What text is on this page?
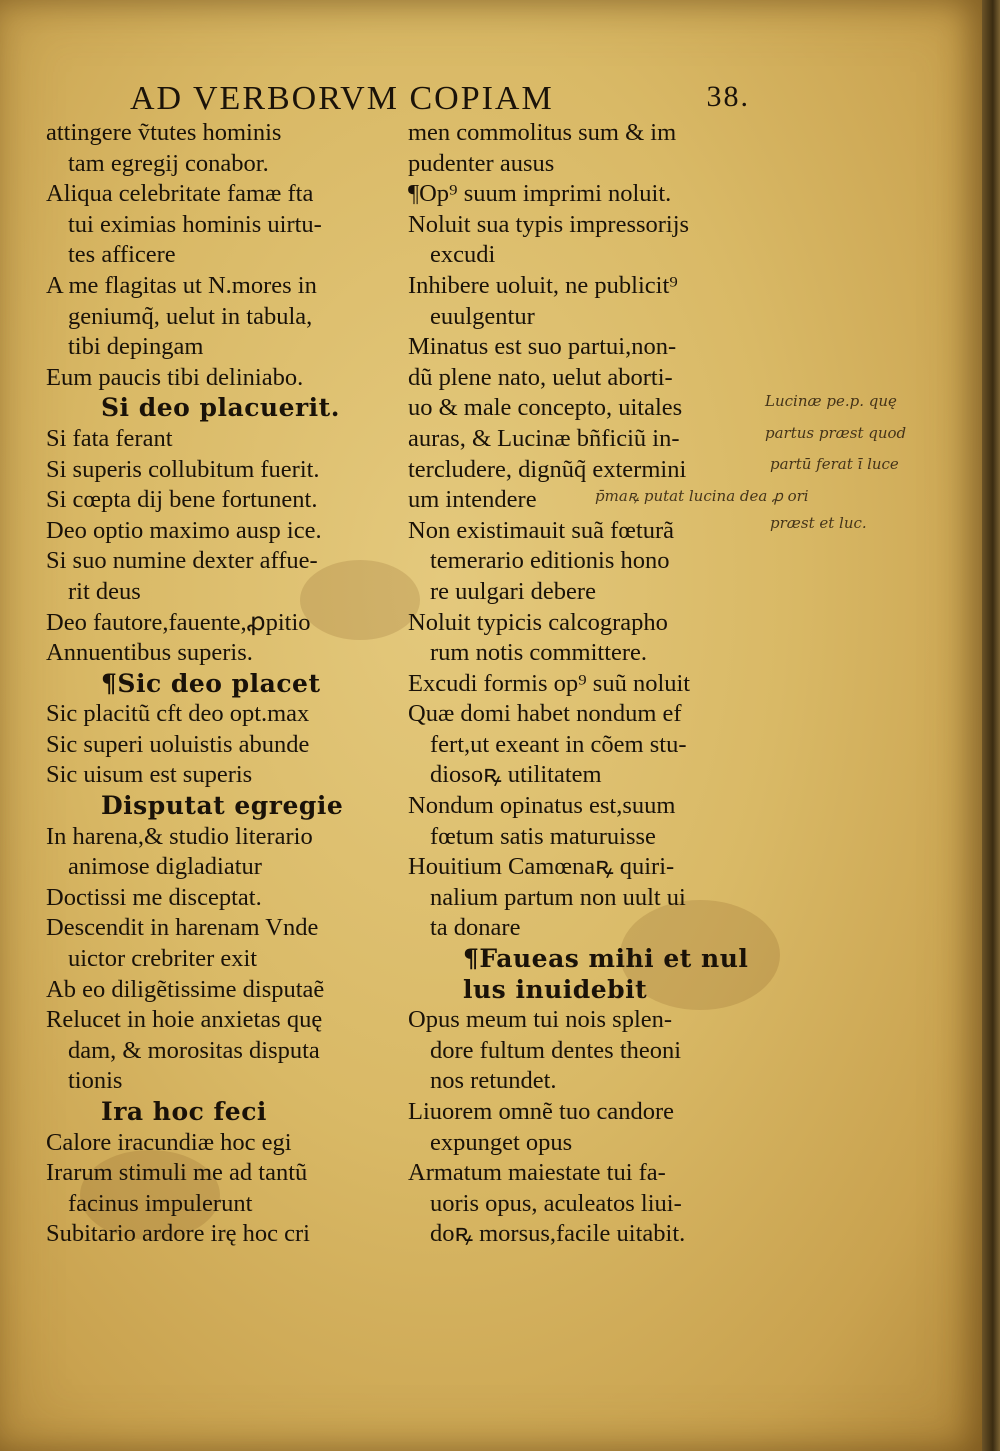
AD VERBORVM COPIAM	38.
attingere ṽtutes hominis
tam egregij conabor.
Aliqua celebritate famæ fta
tui eximias hominis uirtu-
tes afficere
A me flagitas ut N.mores in
geniumq̃, uelut in tabula,
tibi depingam
Eum paucis tibi deliniabo.
Si deo placuerit.
Si fata ferant
Si superis collubitum fuerit.
Si cœpta dij bene fortunent.
Deo optio maximo ausp ice.
Si suo numine dexter affue-
rit deus
Deo fautore,fauente,ꝓpitio
Annuentibus superis.
¶Sic deo placet
Sic placitũ cft deo opt.max
Sic superi uoluistis abunde
Sic uisum est superis
Disputat egregie
In harena,& studio literario
animose digladiatur
Doctissi me disceptat.
Descendit in harenam Vnde
uictor crebriter exit
Ab eo diligẽtissime disputaẽ
Relucet in hoie anxietas quę
dam, & morositas disputa
tionis
Ira hoc feci
Calore iracundiæ hoc egi
Irarum stimuli me ad tantũ
facinus impulerunt
Subitario ardore irę hoc cri
men commolitus sum & im
pudenter ausus
¶Op⁹ suum imprimi noluit.
Noluit sua typis impressorijs
excudi
Inhibere uoluit, ne publicit⁹
euulgentur
Minatus est suo partui,non-
dũ plene nato, uelut aborti-
uo & male concepto, uitales
auras, & Lucinæ bñficiũ in-
tercludere, dignũq̃ extermini
um intendere
Non existimauit suã fœturã
temerario editionis hono
re uulgari debere
Noluit typicis calcographo
rum notis committere.
Excudi formis op⁹ suũ noluit
Quæ domi habet nondum ef
fert,ut exeant in cõem stu-
diosoꝶ utilitatem
Nondum opinatus est,suum
fœtum satis maturuisse
Houitium Camœnaꝶ quiri-
nalium partum non uult ui
ta donare
¶Faueas mihi et nul
lus inuidebit
Opus meum tui nois splen-
dore fultum dentes theoni
nos retundet.
Liuorem omnẽ tuo candore
expunget opus
Armatum maiestate tui fa-
uoris opus, aculeatos liui-
doꝶ morsus,facile uitabit.
Lucinæ pe.p. quę
partus præst quod
partū ferat ī luce
p̄maꝶ putat lucina dea ꝓ ori
præst et luc.
